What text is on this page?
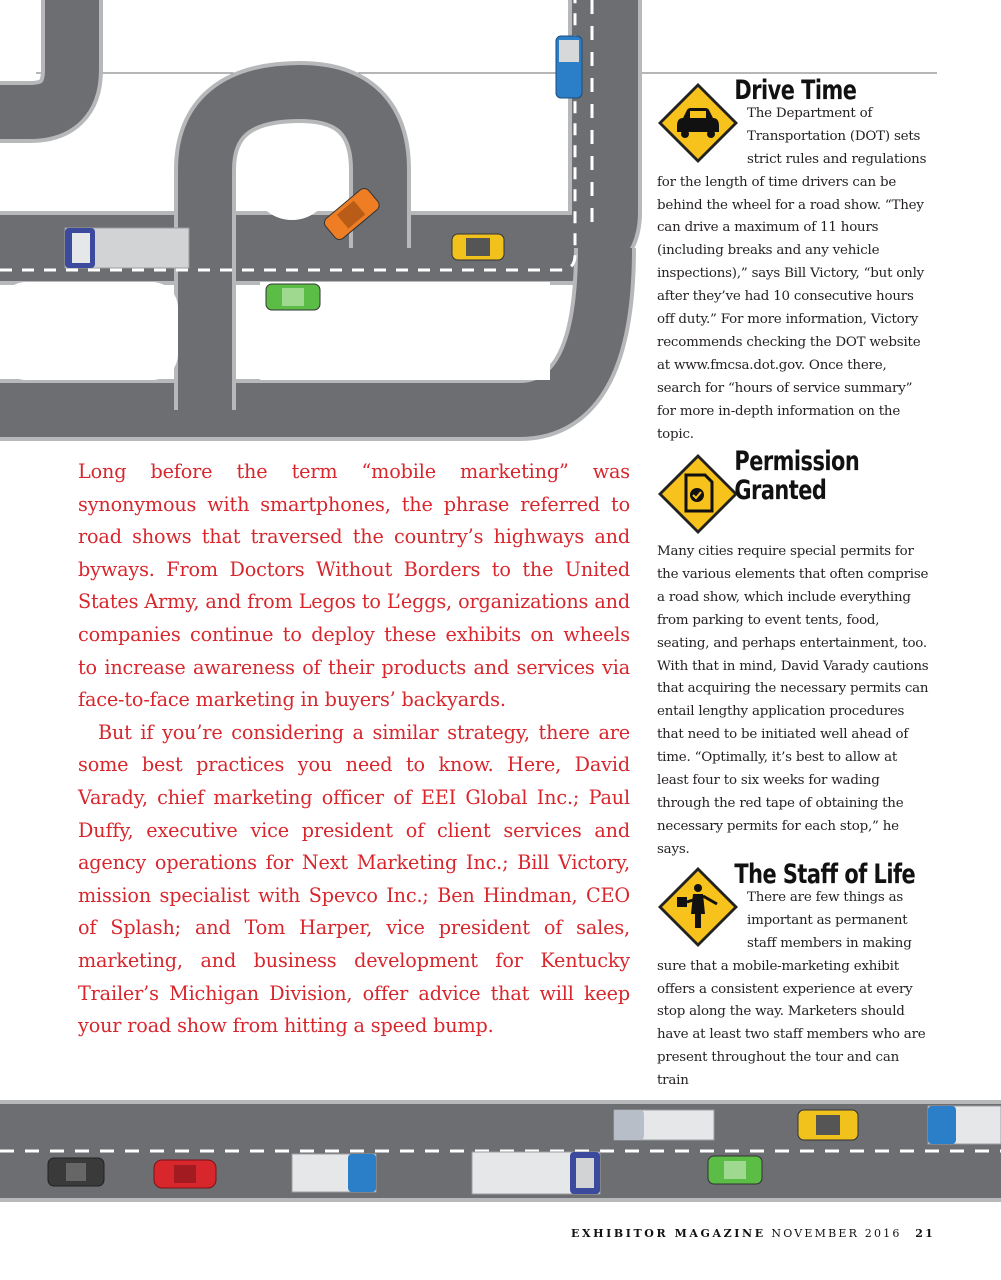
Long before the term “mobile marketing” was synonymous with smartphones, the phrase referred to road shows that traversed the country’s highways and byways. From Doctors Without Borders to the United States Army, and from Legos to L’eggs, organizations and companies continue to deploy these exhibits on wheels to increase awareness of their products and services via face-to-face marketing in buyers’ backyards.

But if you’re considering a similar strategy, there are some best practices you need to know. Here, David Varady, chief marketing officer of EEI Global Inc.; Paul Duffy, executive vice president of client services and agency operations for Next Marketing Inc.; Bill Victory, mission specialist with Spevco Inc.; Ben Hindman, CEO of Splash; and Tom Harper, vice president of sales, marketing, and business development for Kentucky Trailer’s Michigan Division, offer advice that will keep your road show from hitting a speed bump.

Drive Time

The Department of Transportation (DOT) sets strict rules and regulations for the length of time drivers can be behind the wheel for a road show. “They can drive a maximum of 11 hours (including breaks and any vehicle inspections),” says Bill Victory, “but only after they’ve had 10 consecutive hours off duty.” For more information, Victory recommends checking the DOT website at www.fmcsa.dot.gov. Once there, search for “hours of service summary” for more in-depth information on the topic.

Permission
Granted

Many cities require special permits for the various elements that often comprise a road show, which include everything from parking to event tents, food, seating, and perhaps entertainment, too. With that in mind, David Varady cautions that acquiring the necessary permits can entail lengthy application procedures that need to be initiated well ahead of time. “Optimally, it’s best to allow at least four to six weeks for wading through the red tape of obtaining the necessary permits for each stop,” he says.

The Staff of Life

There are few things as important as permanent staff members in making sure that a mobile-marketing exhibit offers a consistent experience at every stop along the way. Marketers should have at least two staff members who are present throughout the tour and can train

EXHIBITOR MAGAZINE NOVEMBER 2016 21
